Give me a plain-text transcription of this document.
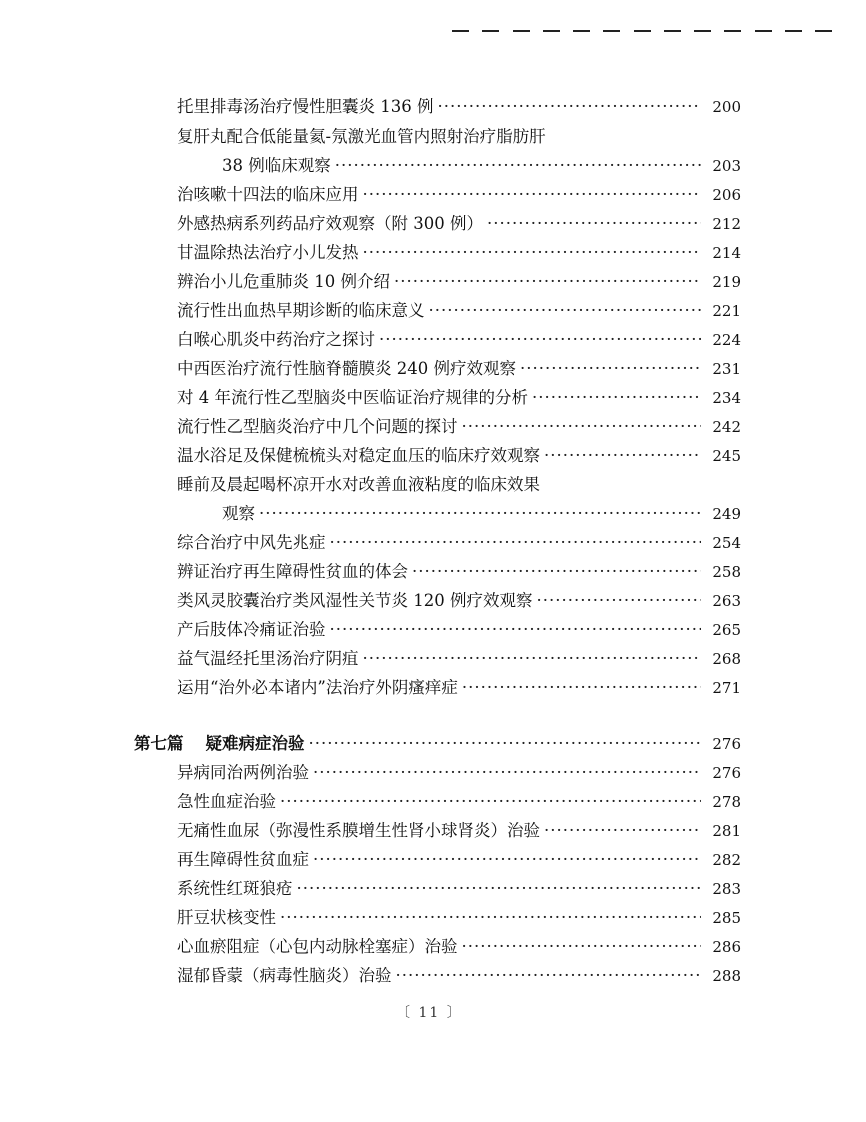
托里排毒汤治疗慢性胆囊炎 136 例 ·····	200
复肝丸配合低能量氦-氖激光血管内照射治疗脂肪肝
38 例临床观察 ·····	203
治咳嗽十四法的临床应用 ·····	206
外感热病系列药品疗效观察（附 300 例） ·····	212
甘温除热法治疗小儿发热 ·····	214
辨治小儿危重肺炎 10 例介绍 ·····	219
流行性出血热早期诊断的临床意义 ·····	221
白喉心肌炎中药治疗之探讨 ·····	224
中西医治疗流行性脑脊髓膜炎 240 例疗效观察 ·····	231
对 4 年流行性乙型脑炎中医临证治疗规律的分析 ·····	234
流行性乙型脑炎治疗中几个问题的探讨 ·····	242
温水浴足及保健梳梳头对稳定血压的临床疗效观察 ·····	245
睡前及晨起喝杯凉开水对改善血液粘度的临床效果
观察 ·····	249
综合治疗中风先兆症 ·····	254
辨证治疗再生障碍性贫血的体会 ·····	258
类风灵胶囊治疗类风湿性关节炎 120 例疗效观察 ·····	263
产后肢体冷痛证治验 ·····	265
益气温经托里汤治疗阴疽 ·····	268
运用“治外必本诸内”法治疗外阴瘙痒症 ·····	271
第七篇 疑难病症治验 ·····	276
异病同治两例治验 ·····	276
急性血症治验 ·····	278
无痛性血尿（弥漫性系膜增生性肾小球肾炎）治验 ·····	281
再生障碍性贫血症 ·····	282
系统性红斑狼疮 ·····	283
肝豆状核变性 ·····	285
心血瘀阻症（心包内动脉栓塞症）治验 ·····	286
湿郁昏蒙（病毒性脑炎）治验 ·····	288
〔 11 〕
